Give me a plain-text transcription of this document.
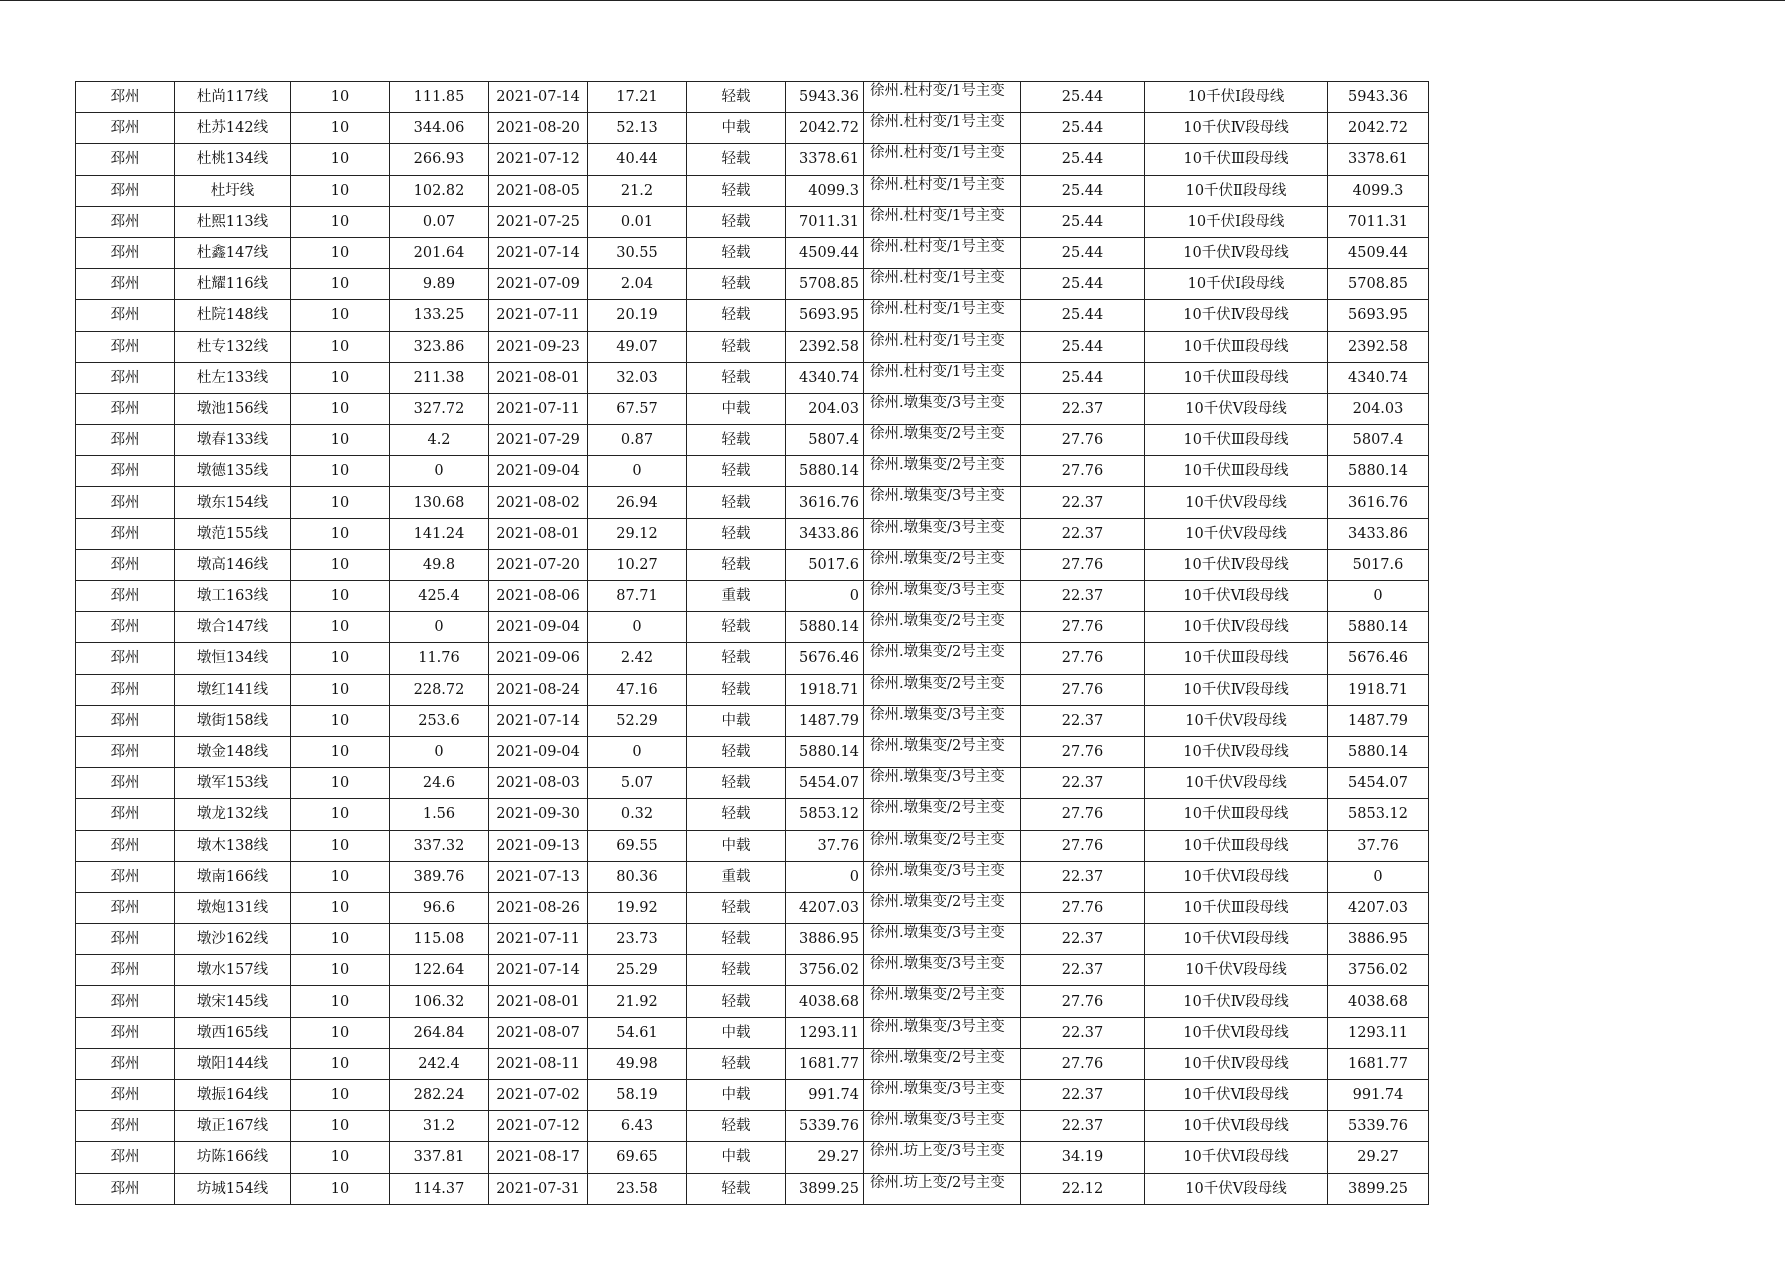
邳州	杜尚117线	10	111.85	2021-07-14	17.21	轻载	5943.36	徐州.杜村变/1号主变	25.44	10千伏Ⅰ段母线	5943.36
邳州	杜苏142线	10	344.06	2021-08-20	52.13	中载	2042.72	徐州.杜村变/1号主变	25.44	10千伏Ⅳ段母线	2042.72
邳州	杜桃134线	10	266.93	2021-07-12	40.44	轻载	3378.61	徐州.杜村变/1号主变	25.44	10千伏Ⅲ段母线	3378.61
邳州	杜圩线	10	102.82	2021-08-05	21.2	轻载	4099.3	徐州.杜村变/1号主变	25.44	10千伏Ⅱ段母线	4099.3
邳州	杜熙113线	10	0.07	2021-07-25	0.01	轻载	7011.31	徐州.杜村变/1号主变	25.44	10千伏Ⅰ段母线	7011.31
邳州	杜鑫147线	10	201.64	2021-07-14	30.55	轻载	4509.44	徐州.杜村变/1号主变	25.44	10千伏Ⅳ段母线	4509.44
邳州	杜耀116线	10	9.89	2021-07-09	2.04	轻载	5708.85	徐州.杜村变/1号主变	25.44	10千伏Ⅰ段母线	5708.85
邳州	杜院148线	10	133.25	2021-07-11	20.19	轻载	5693.95	徐州.杜村变/1号主变	25.44	10千伏Ⅳ段母线	5693.95
邳州	杜专132线	10	323.86	2021-09-23	49.07	轻载	2392.58	徐州.杜村变/1号主变	25.44	10千伏Ⅲ段母线	2392.58
邳州	杜左133线	10	211.38	2021-08-01	32.03	轻载	4340.74	徐州.杜村变/1号主变	25.44	10千伏Ⅲ段母线	4340.74
邳州	墩池156线	10	327.72	2021-07-11	67.57	中载	204.03	徐州.墩集变/3号主变	22.37	10千伏Ⅴ段母线	204.03
邳州	墩春133线	10	4.2	2021-07-29	0.87	轻载	5807.4	徐州.墩集变/2号主变	27.76	10千伏Ⅲ段母线	5807.4
邳州	墩德135线	10	0	2021-09-04	0	轻载	5880.14	徐州.墩集变/2号主变	27.76	10千伏Ⅲ段母线	5880.14
邳州	墩东154线	10	130.68	2021-08-02	26.94	轻载	3616.76	徐州.墩集变/3号主变	22.37	10千伏Ⅴ段母线	3616.76
邳州	墩范155线	10	141.24	2021-08-01	29.12	轻载	3433.86	徐州.墩集变/3号主变	22.37	10千伏Ⅴ段母线	3433.86
邳州	墩高146线	10	49.8	2021-07-20	10.27	轻载	5017.6	徐州.墩集变/2号主变	27.76	10千伏Ⅳ段母线	5017.6
邳州	墩工163线	10	425.4	2021-08-06	87.71	重载	0	徐州.墩集变/3号主变	22.37	10千伏Ⅵ段母线	0
邳州	墩合147线	10	0	2021-09-04	0	轻载	5880.14	徐州.墩集变/2号主变	27.76	10千伏Ⅳ段母线	5880.14
邳州	墩恒134线	10	11.76	2021-09-06	2.42	轻载	5676.46	徐州.墩集变/2号主变	27.76	10千伏Ⅲ段母线	5676.46
邳州	墩红141线	10	228.72	2021-08-24	47.16	轻载	1918.71	徐州.墩集变/2号主变	27.76	10千伏Ⅳ段母线	1918.71
邳州	墩街158线	10	253.6	2021-07-14	52.29	中载	1487.79	徐州.墩集变/3号主变	22.37	10千伏Ⅴ段母线	1487.79
邳州	墩金148线	10	0	2021-09-04	0	轻载	5880.14	徐州.墩集变/2号主变	27.76	10千伏Ⅳ段母线	5880.14
邳州	墩军153线	10	24.6	2021-08-03	5.07	轻载	5454.07	徐州.墩集变/3号主变	22.37	10千伏Ⅴ段母线	5454.07
邳州	墩龙132线	10	1.56	2021-09-30	0.32	轻载	5853.12	徐州.墩集变/2号主变	27.76	10千伏Ⅲ段母线	5853.12
邳州	墩木138线	10	337.32	2021-09-13	69.55	中载	37.76	徐州.墩集变/2号主变	27.76	10千伏Ⅲ段母线	37.76
邳州	墩南166线	10	389.76	2021-07-13	80.36	重载	0	徐州.墩集变/3号主变	22.37	10千伏Ⅵ段母线	0
邳州	墩炮131线	10	96.6	2021-08-26	19.92	轻载	4207.03	徐州.墩集变/2号主变	27.76	10千伏Ⅲ段母线	4207.03
邳州	墩沙162线	10	115.08	2021-07-11	23.73	轻载	3886.95	徐州.墩集变/3号主变	22.37	10千伏Ⅵ段母线	3886.95
邳州	墩水157线	10	122.64	2021-07-14	25.29	轻载	3756.02	徐州.墩集变/3号主变	22.37	10千伏Ⅴ段母线	3756.02
邳州	墩宋145线	10	106.32	2021-08-01	21.92	轻载	4038.68	徐州.墩集变/2号主变	27.76	10千伏Ⅳ段母线	4038.68
邳州	墩西165线	10	264.84	2021-08-07	54.61	中载	1293.11	徐州.墩集变/3号主变	22.37	10千伏Ⅵ段母线	1293.11
邳州	墩阳144线	10	242.4	2021-08-11	49.98	轻载	1681.77	徐州.墩集变/2号主变	27.76	10千伏Ⅳ段母线	1681.77
邳州	墩振164线	10	282.24	2021-07-02	58.19	中载	991.74	徐州.墩集变/3号主变	22.37	10千伏Ⅵ段母线	991.74
邳州	墩正167线	10	31.2	2021-07-12	6.43	轻载	5339.76	徐州.墩集变/3号主变	22.37	10千伏Ⅵ段母线	5339.76
邳州	坊陈166线	10	337.81	2021-08-17	69.65	中载	29.27	徐州.坊上变/3号主变	34.19	10千伏Ⅵ段母线	29.27
邳州	坊城154线	10	114.37	2021-07-31	23.58	轻载	3899.25	徐州.坊上变/2号主变	22.12	10千伏Ⅴ段母线	3899.25
